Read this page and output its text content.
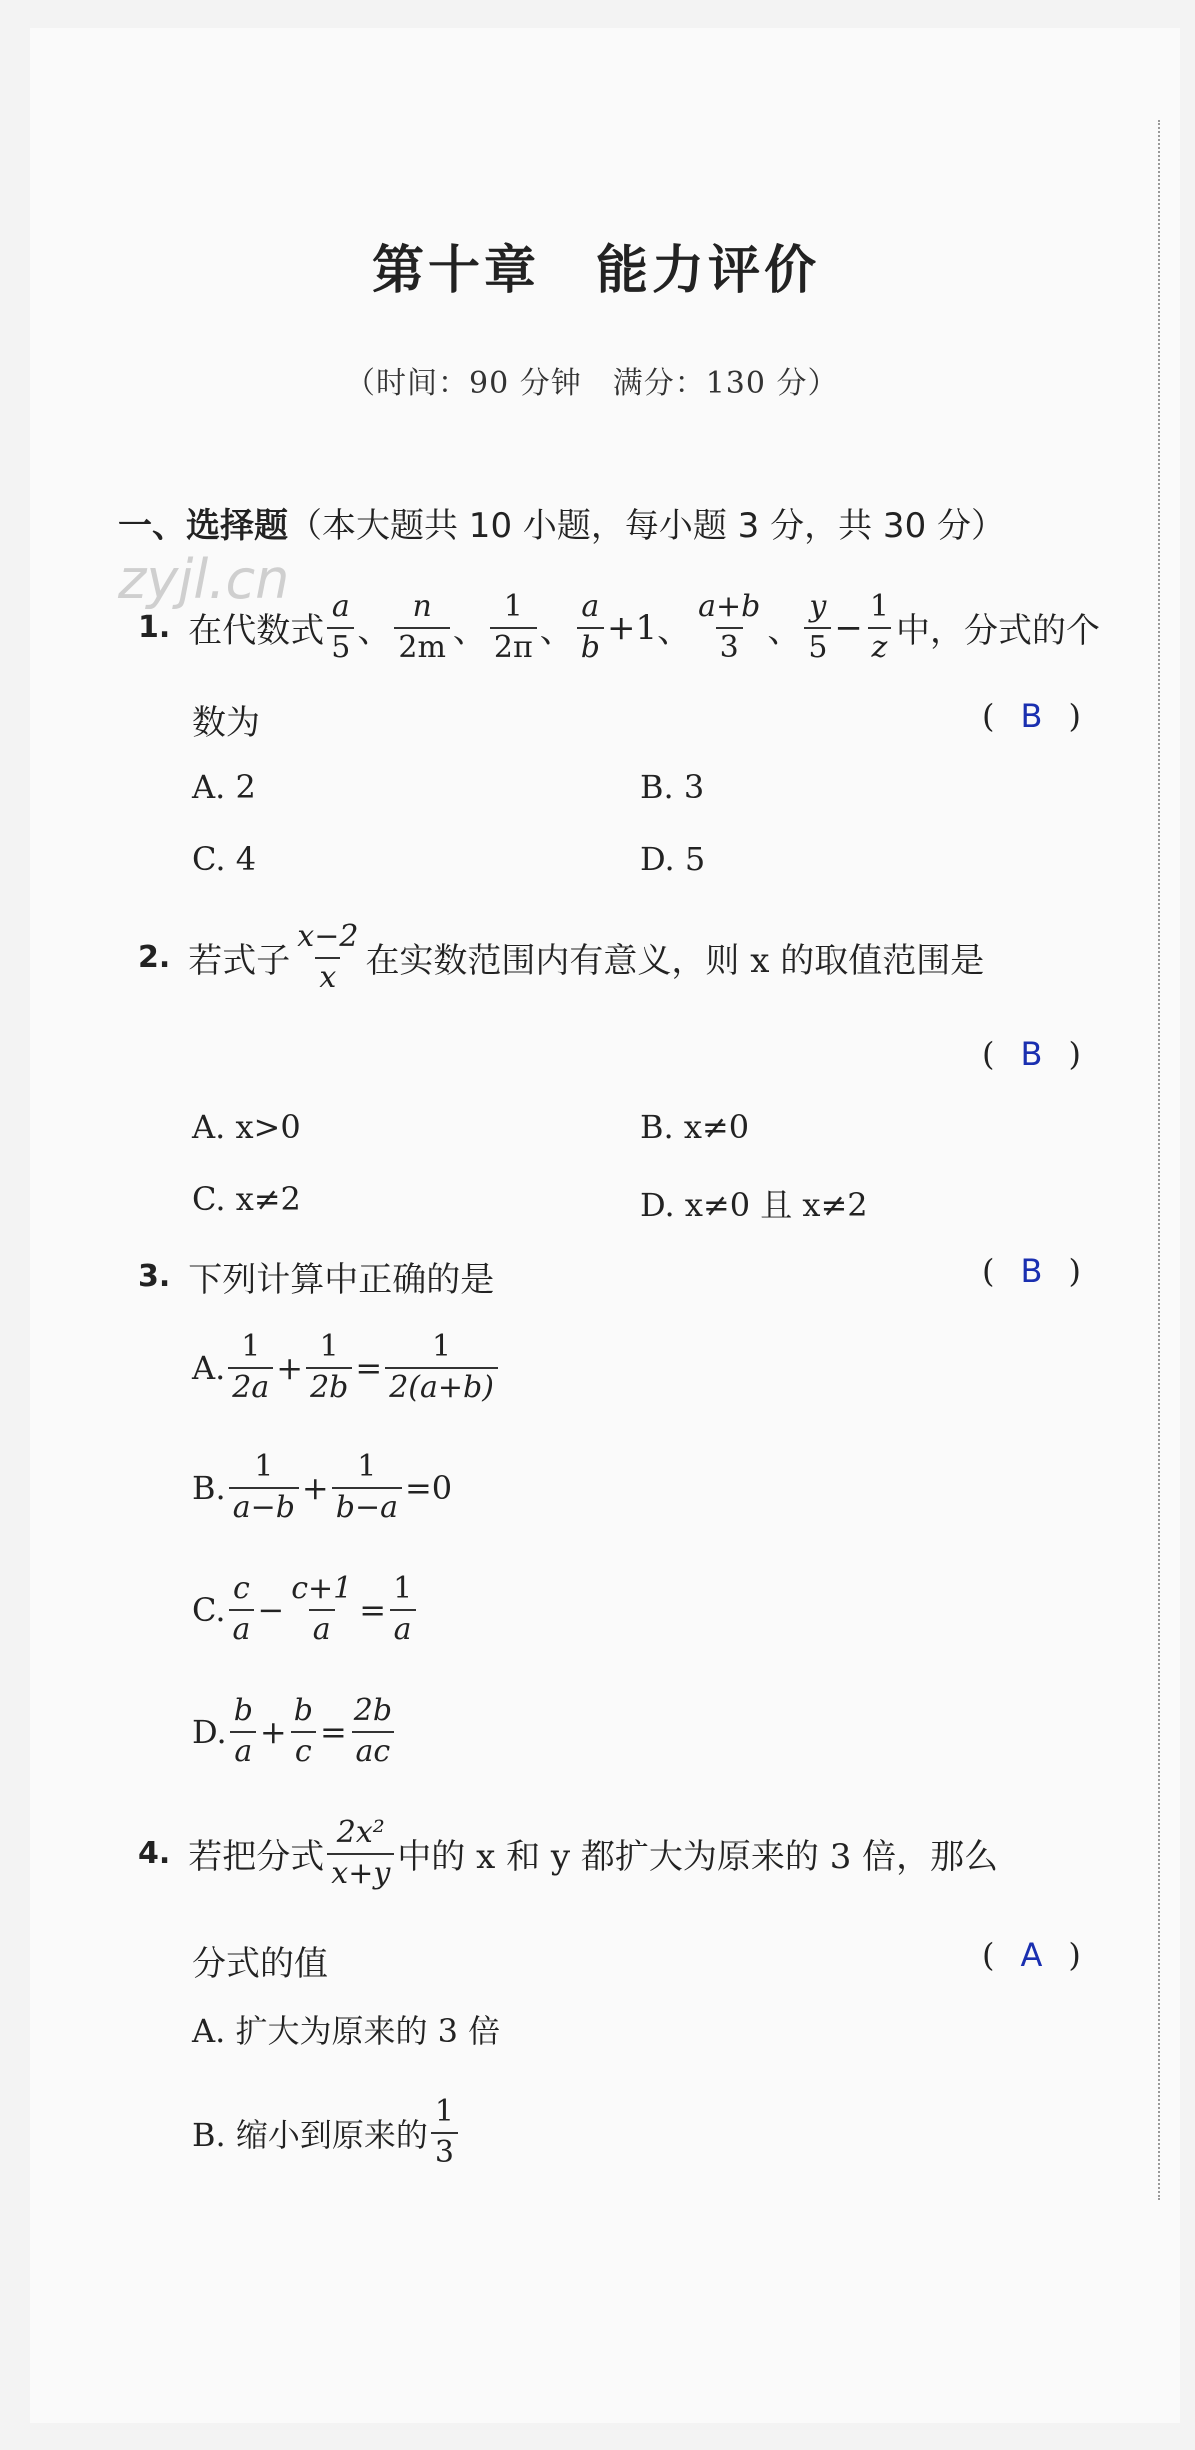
第十章　能力评价
（时间：90 分钟　满分：130 分）
一、选择题（本大题共 10 小题，每小题 3 分，共 30 分）
zyjl.cn
1. 在代数式 $\frac{a}{5}$ 、 $\frac{n}{2m}$ 、 $\frac{1}{2\pi}$ 、 $\frac{a}{b} +1$ 、 $\frac{a+b}{3}$ 、 $\frac{y}{5} - \frac{1}{z}$ 中，分式的个
数为	( B )
A. 2	B. 3
C. 4	D. 5
2. 若式子 $\frac{x-2}{x}$ 在实数范围内有意义，则 x 的取值范围是
( B )
A. x>0	B. x≠0
C. x≠2	D. x≠0 且 x≠2
3. 下列计算中正确的是	( B )
A. $\frac{1}{2a} + \frac{1}{2b} = \frac{1}{2(a+b)}$
B. $\frac{1}{a-b} + \frac{1}{b-a} =0$
C. $\frac{c}{a} - \frac{c+1}{a} = \frac{1}{a}$
D. $\frac{b}{a} + \frac{b}{c} = \frac{2b}{ac}$
4. 若把分式 $\frac{\text{2x²}}{x+y}$ 中的 x 和 y 都扩大为原来的 3 倍，那么
分式的值	( A )
A. 扩大为原来的 3 倍
B. 缩小到原来的 $\frac{1}{3}$
